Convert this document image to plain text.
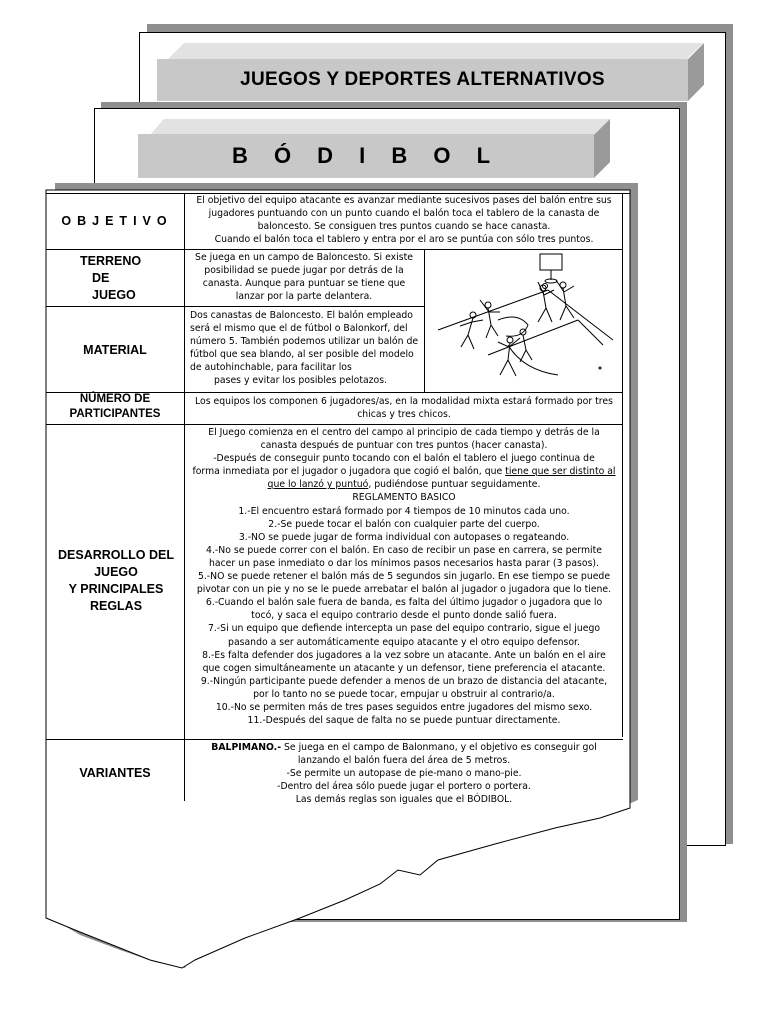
JUEGOS Y DEPORTES ALTERNATIVOS
B Ó D I B O L
OBJETIVO
El objetivo del equipo atacante es avanzar mediante sucesivos pases del balón entre sus
jugadores puntuando con un punto cuando el balón toca el tablero de la canasta de
baloncesto. Se consiguen tres puntos cuando se hace canasta.
Cuando el balón toca el tablero y entra por el aro se puntúa con sólo tres puntos.
TERRENO
DE
JUEGO
Se juega en un campo de Baloncesto. Si existe
posibilidad se puede jugar por detrás de la
canasta. Aunque para puntuar se tiene que
lanzar por la parte delantera.
MATERIAL
Dos canastas de Baloncesto. El balón empleado
será el mismo que el de fútbol o Balonkorf, del
número 5. También podemos utilizar un balón de
fútbol que sea blando, al ser posible del modelo
de autohinchable, para facilitar los
pases y evitar los posibles pelotazos.
NÚMERO DE
PARTICIPANTES
Los equipos los componen 6 jugadores/as, en la modalidad mixta estará formado por tres
chicas y tres chicos.
DESARROLLO DEL
JUEGO
Y PRINCIPALES
REGLAS
El Juego comienza en el centro del campo al principio de cada tiempo y detrás de la
canasta después de puntuar con tres puntos (hacer canasta).
-Después de conseguir punto tocando con el balón el tablero el juego continua de
forma inmediata por el jugador o jugadora que cogió el balón, que tiene que ser distinto al
que lo lanzó y puntuó, pudiéndose puntuar seguidamente.
REGLAMENTO BASICO
1.-El encuentro estará formado por 4 tiempos de 10 minutos cada uno.
2.-Se puede tocar el balón con cualquier parte del cuerpo.
3.-NO se puede jugar de forma individual con autopases o regateando.
4.-No se puede correr con el balón. En caso de recibir un pase en carrera, se permite
hacer un pase inmediato o dar los mínimos pasos necesarios hasta parar (3 pasos).
5.-NO se puede retener el balón más de 5 segundos sin jugarlo. En ese tiempo se puede
pivotar con un pie y no se le puede arrebatar el balón al jugador o jugadora que lo tiene.
6.-Cuando el balón sale fuera de banda, es falta del último jugador o jugadora que lo
tocó, y saca el equipo contrario desde el punto donde salió fuera.
7.-Si un equipo que defiende intercepta un pase del equipo contrario, sigue el juego
pasando a ser automáticamente equipo atacante y el otro equipo defensor.
8.-Es falta defender dos jugadores a la vez sobre un atacante. Ante un balón en el aire
que cogen simultáneamente un atacante y un defensor, tiene preferencia el atacante.
9.-Ningún participante puede defender a menos de un brazo de distancia del atacante,
por lo tanto no se puede tocar, empujar u obstruir al contrario/a.
10.-No se permiten más de tres pases seguidos entre jugadores del mismo sexo.
11.-Después del saque de falta no se puede puntuar directamente.
VARIANTES
BALPIMANO.- Se juega en el campo de Balonmano, y el objetivo es conseguir gol
lanzando el balón fuera del área de 5 metros.
-Se permite un autopase de pie-mano o mano-pie.
-Dentro del área sólo puede jugar el portero o portera.
Las demás reglas son iguales que el BÓDIBOL.
